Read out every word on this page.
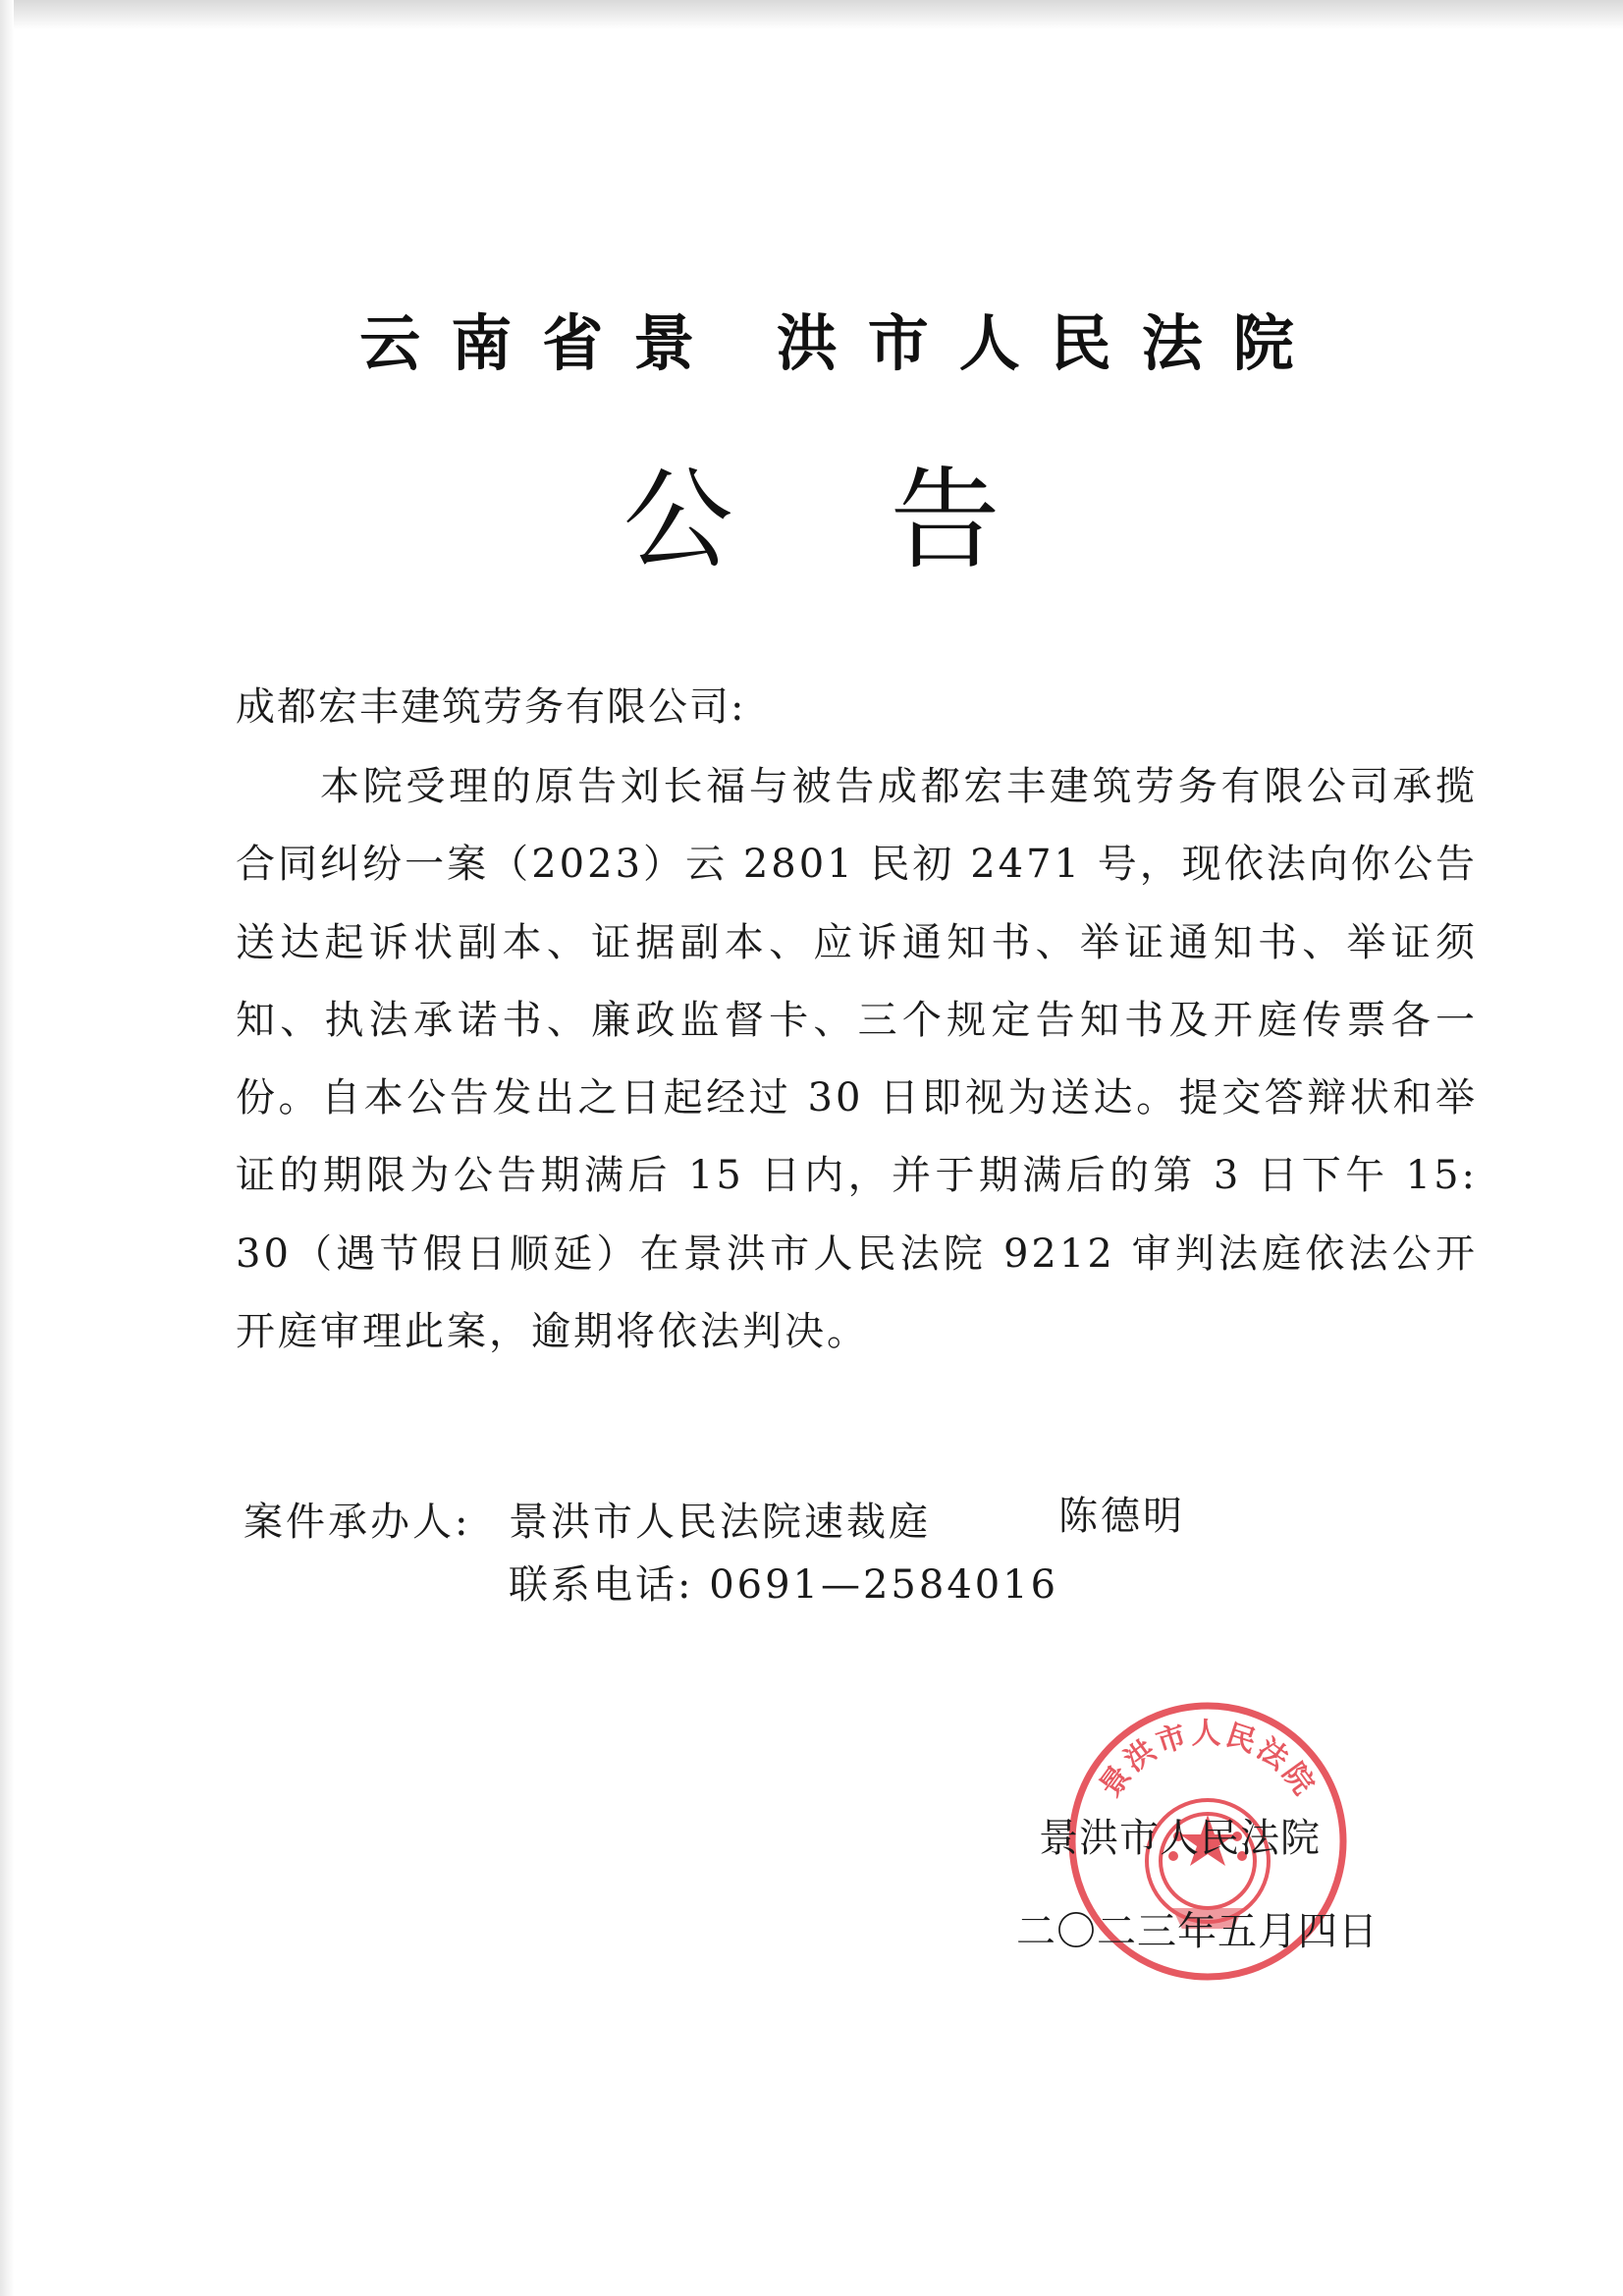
云南省景 洪市人民法院
公告
成都宏丰建筑劳务有限公司:
本院受理的原告刘长福与被告成都宏丰建筑劳务有限公司承揽合同纠纷一案（2023）云 2801 民初 2471 号，现依法向你公告送达起诉状副本、证据副本、应诉通知书、举证通知书、举证须知、执法承诺书、廉政监督卡、三个规定告知书及开庭传票各一份。自本公告发出之日起经过 30 日即视为送达。提交答辩状和举证的期限为公告期满后 15 日内，并于期满后的第 3 日下午 15: 30（遇节假日顺延）在景洪市人民法院 9212 审判法庭依法公开开庭审理此案，逾期将依法判决。
案件承办人: 景洪市人民法院速裁庭	陈德明
联系电话: 0691—2584016
景洪市人民法院
景洪市人民法院
二〇二三年五月四日
